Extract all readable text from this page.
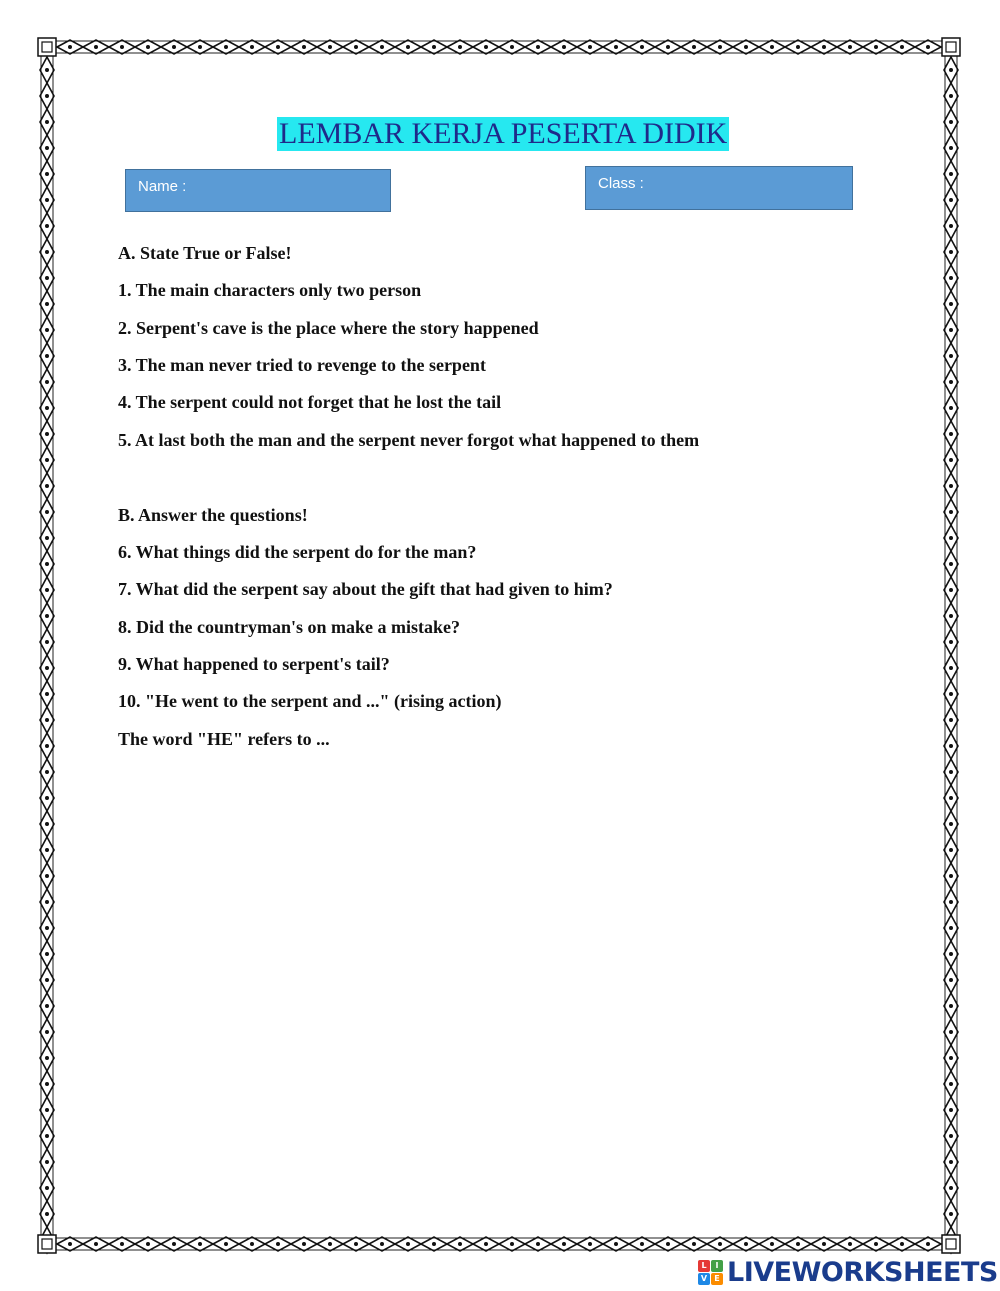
LEMBAR KERJA PESERTA DIDIK
Name :	Class :
A. State True or False!
1. The main characters only two person
2. Serpent's cave is the place where the story happened
3. The man never tried to revenge to the serpent
4. The serpent could not forget that he lost the tail
5. At last both the man and the serpent never forgot what happened to them
B. Answer the questions!
6. What things did the serpent do for the man?
7. What did the serpent say about the gift that had given to him?
8. Did the countryman's on make a mistake?
9. What happened to serpent's tail?
10. "He went to the serpent and ..." (rising action)
The word "HE" refers to ...
L	I
V E LIVEWORKSHEETS
